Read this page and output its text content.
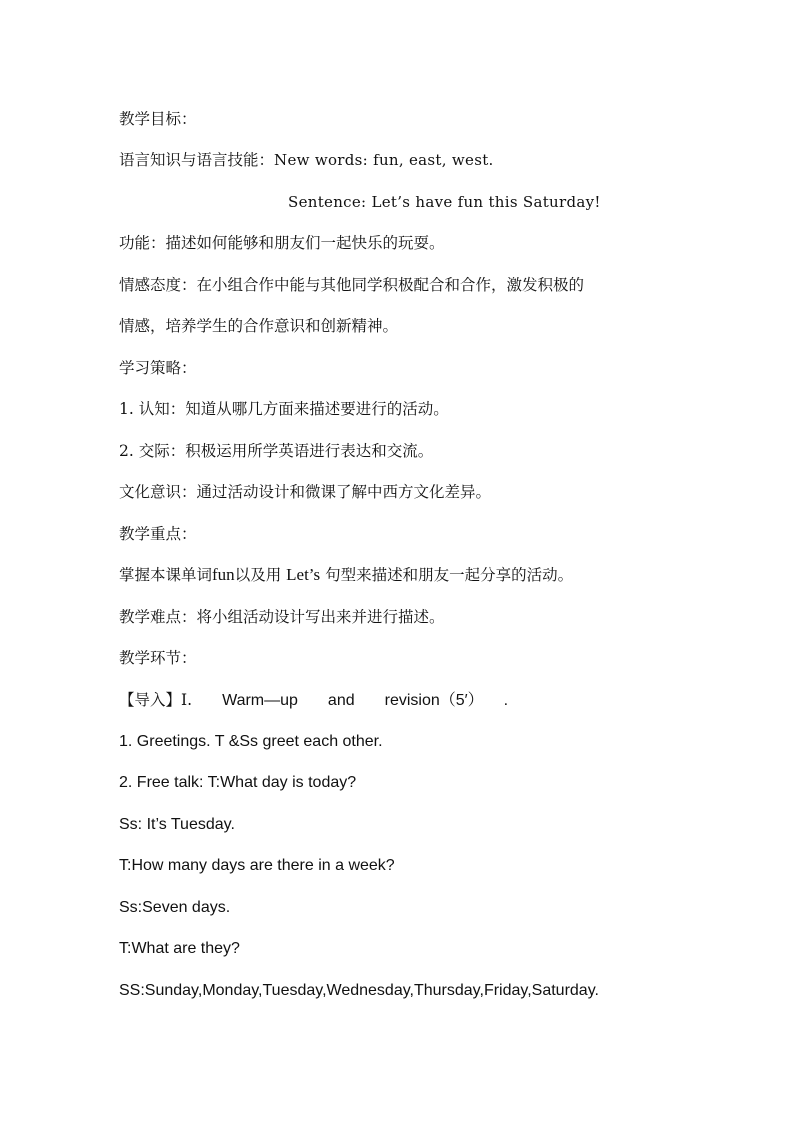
教学目标：
语言知识与语言技能：New words: fun, east, west.
Sentence: Let’s have fun this Saturday!
功能：描述如何能够和朋友们一起快乐的玩耍。
情感态度：在小组合作中能与其他同学积极配合和合作，激发积极的
情感，培养学生的合作意识和创新精神。
学习策略：
1. 认知：知道从哪几方面来描述要进行的活动。
2. 交际：积极运用所学英语进行表达和交流。
文化意识：通过活动设计和微课了解中西方文化差异。
教学重点：
掌握本课单词fun以及用 Let’s 句型来描述和朋友一起分享的活动。
教学难点：将小组活动设计写出来并进行描述。
教学环节：
【导入】Ⅰ. Warm—up and revision（5′） .
1. Greetings. T &Ss greet each other.
2. Free talk: T:What day is today?
Ss: It’s Tuesday.
T:How many days are there in a week?
Ss:Seven days.
T:What are they?
SS:Sunday,Monday,Tuesday,Wednesday,Thursday,Friday,Saturday.
